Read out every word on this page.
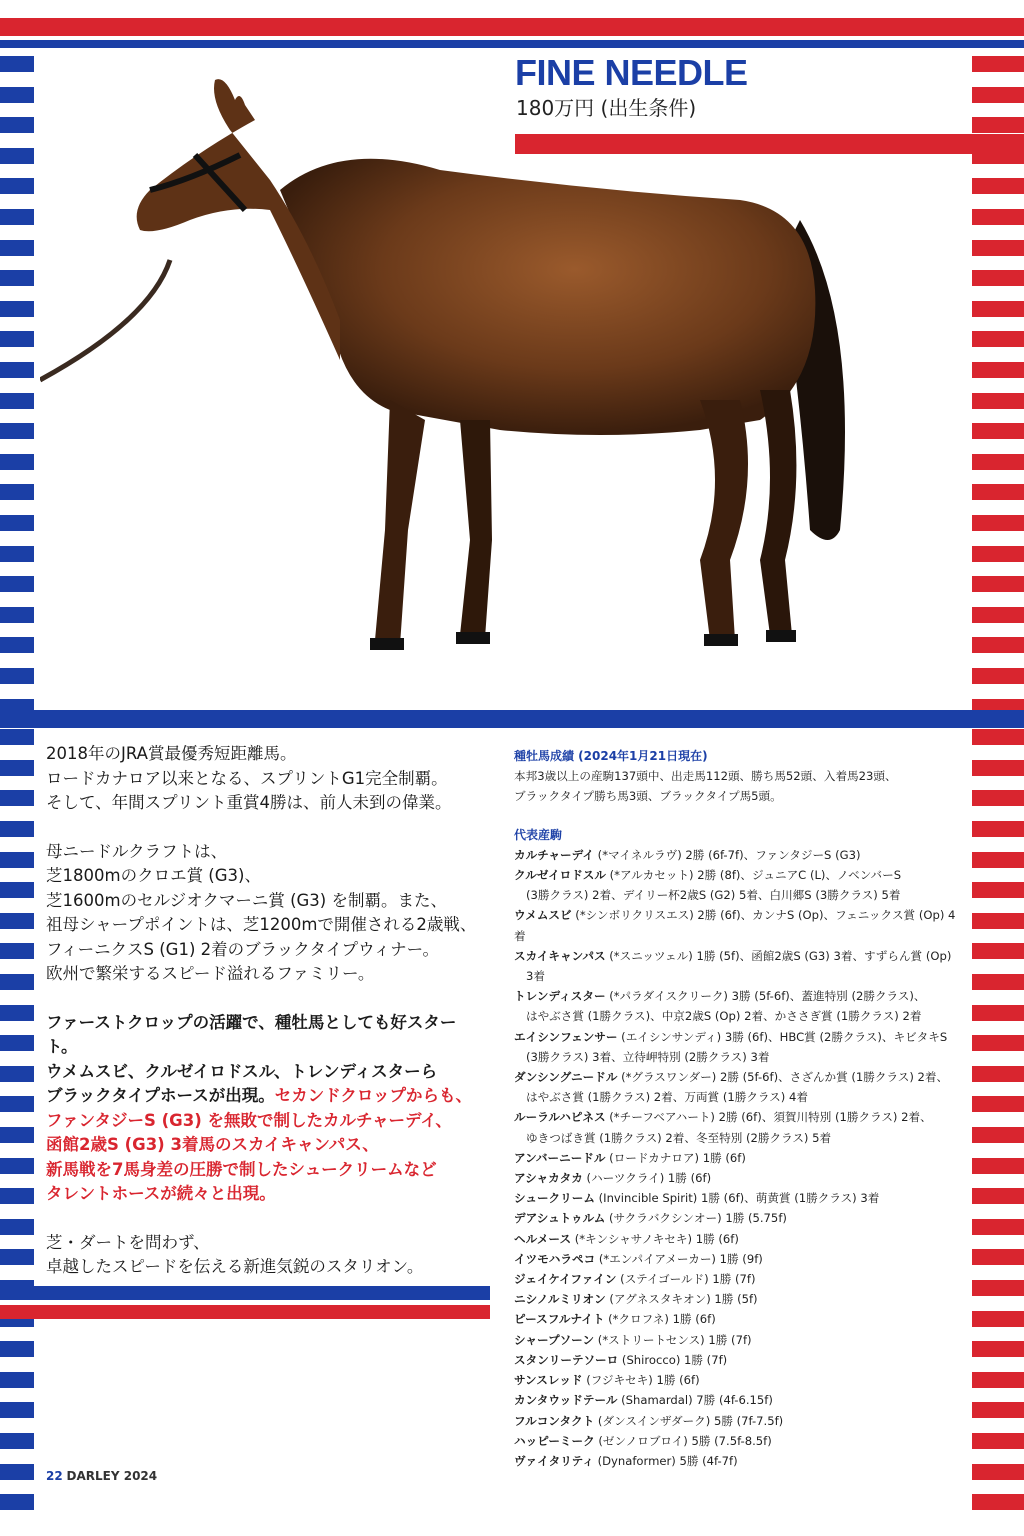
FINE NEEDLE
180万円 (出生条件)

2018年のJRA賞最優秀短距離馬。
ロードカナロア以来となる、スプリントG1完全制覇。
そして、年間スプリント重賞4勝は、前人未到の偉業。

母ニードルクラフトは、
芝1800mのクロエ賞 (G3)、
芝1600mのセルジオクマーニ賞 (G3) を制覇。また、
祖母シャープポイントは、芝1200mで開催される2歳戦、
フィーニクスS (G1) 2着のブラックタイプウィナー。
欧州で繁栄するスピード溢れるファミリー。

ファーストクロップの活躍で、種牡馬としても好スタート。
ウメムスビ、クルゼイロドスル、トレンディスターら
ブラックタイプホースが出現。セカンドクロップからも、
ファンタジーS (G3) を無敗で制したカルチャーデイ、
函館2歳S (G3) 3着馬のスカイキャンパス、
新馬戦を7馬身差の圧勝で制したシュークリームなど
タレントホースが続々と出現。

芝・ダートを問わず、
卓越したスピードを伝える新進気鋭のスタリオン。

種牡馬成績 (2024年1月21日現在)
本邦3歳以上の産駒137頭中、出走馬112頭、勝ち馬52頭、入着馬23頭、
ブラックタイプ勝ち馬3頭、ブラックタイプ馬5頭。
代表産駒
カルチャーデイ (*マイネルラヴ) 2勝 (6f-7f)、ファンタジーS (G3)
クルゼイロドスル (*アルカセット) 2勝 (8f)、ジュニアC (L)、ノベンバーS
(3勝クラス) 2着、デイリー杯2歳S (G2) 5着、白川郷S (3勝クラス) 5着
ウメムスビ (*シンボリクリスエス) 2勝 (6f)、カンナS (Op)、フェニックス賞 (Op) 4着
スカイキャンパス (*スニッツェル) 1勝 (5f)、函館2歳S (G3) 3着、すずらん賞 (Op)
3着
トレンディスター (*パラダイスクリーク) 3勝 (5f-6f)、蓋進特別 (2勝クラス)、
はやぶさ賞 (1勝クラス)、中京2歳S (Op) 2着、かささぎ賞 (1勝クラス) 2着
エイシンフェンサー (エイシンサンディ) 3勝 (6f)、HBC賞 (2勝クラス)、キビタキS
(3勝クラス) 3着、立待岬特別 (2勝クラス) 3着
ダンシングニードル (*グラスワンダー) 2勝 (5f-6f)、さざんか賞 (1勝クラス) 2着、
はやぶさ賞 (1勝クラス) 2着、万両賞 (1勝クラス) 4着
ルーラルハピネス (*チーフベアハート) 2勝 (6f)、須賀川特別 (1勝クラス) 2着、
ゆきつばき賞 (1勝クラス) 2着、冬至特別 (2勝クラス) 5着
アンバーニードル (ロードカナロア) 1勝 (6f)
アシャカタカ (ハーツクライ) 1勝 (6f)
シュークリーム (Invincible Spirit) 1勝 (6f)、萌黄賞 (1勝クラス) 3着
デアシュトゥルム (サクラバクシンオー) 1勝 (5.75f)
ヘルメース (*キンシャサノキセキ) 1勝 (6f)
イツモハラペコ (*エンパイアメーカー) 1勝 (9f)
ジェイケイファイン (ステイゴールド) 1勝 (7f)
ニシノルミリオン (アグネスタキオン) 1勝 (5f)
ピースフルナイト (*クロフネ) 1勝 (6f)
シャープソーン (*ストリートセンス) 1勝 (7f)
スタンリーテソーロ (Shirocco) 1勝 (7f)
サンスレッド (フジキセキ) 1勝 (6f)
カンタウッドテール (Shamardal) 7勝 (4f-6.15f)
フルコンタクト (ダンスインザダーク) 5勝 (7f-7.5f)
ハッピーミーク (ゼンノロブロイ) 5勝 (7.5f-8.5f)
ヴァイタリティ (Dynaformer) 5勝 (4f-7f)
22 DARLEY 2024
